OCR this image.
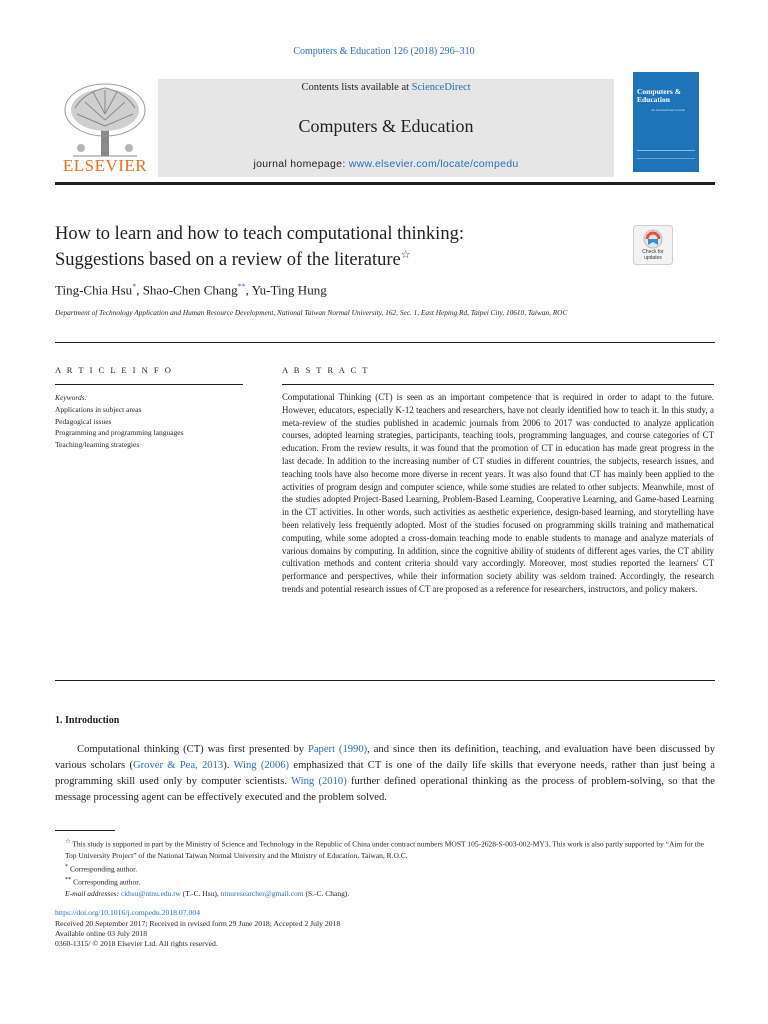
Computers & Education 126 (2018) 296–310
ELSEVIER
Contents lists available at ScienceDirect
Computers & Education
journal homepage: www.elsevier.com/locate/compedu
Computers & Education
An International Journal
How to learn and how to teach computational thinking:
Suggestions based on a review of the literature☆	Check for updates
Ting-Chia Hsu*, Shao-Chen Chang**, Yu-Ting Hung
Department of Technology Application and Human Resource Development, National Taiwan Normal University, 162, Sec. 1, East Heping Rd, Taipei City, 10610, Taiwan, ROC
A R T I C L E I N F O	A B S T R A C T
Keywords:
Applications in subject areas
Pedagogical issues
Programming and programming languages
Teaching/learning strategies
Computational Thinking (CT) is seen as an important competence that is required in order to adapt to the future. However, educators, especially K-12 teachers and researchers, have not clearly identified how to teach it. In this study, a meta-review of the studies published in academic journals from 2006 to 2017 was conducted to analyze application courses, adopted learning strategies, participants, teaching tools, programming languages, and course categories of CT education. From the review results, it was found that the promotion of CT in education has made great progress in the last decade. In addition to the increasing number of CT studies in different countries, the subjects, research issues, and teaching tools have also become more diverse in recent years. It was also found that CT has mainly been applied to the activities of program design and computer science, while some studies are related to other subjects. Meanwhile, most of the studies adopted Project-Based Learning, Problem-Based Learning, Cooperative Learning, and Game-based Learning in the CT activities. In other words, such activities as aesthetic experience, design-based learning, and storytelling have been relatively less frequently adopted. Most of the studies focused on programming skills training and mathematical computing, while some adopted a cross-domain teaching mode to enable students to manage and analyze materials of various domains by computing. In addition, since the cognitive ability of students of different ages varies, the CT ability cultivation methods and content criteria should vary accordingly. Moreover, most studies reported the learners' CT performance and perspectives, while their information society ability was seldom trained. Accordingly, the research trends and potential research issues of CT are proposed as a reference for researchers, instructors, and policy makers.
1. Introduction
Computational thinking (CT) was first presented by Papert (1990), and since then its definition, teaching, and evaluation have been discussed by various scholars (Grover & Pea, 2013). Wing (2006) emphasized that CT is one of the daily life skills that everyone needs, rather than just being a programming skill used only by computer scientists. Wing (2010) further defined operational thinking as the process of problem-solving, so that the message processing agent can be effectively executed and the problem solved.
☆ This study is supported in part by the Ministry of Science and Technology in the Republic of China under contract numbers MOST 105-2628-S-003-002-MY3. This work is also partly supported by “Aim for the Top University Project” of the National Taiwan Normal University and the Ministry of Education, Taiwan, R.O.C.
* Corresponding author.
** Corresponding author.
E-mail addresses: ckhsu@ntnu.edu.tw (T.-C. Hsu), ntnuresearcher@gmail.com (S.-C. Chang).
https://doi.org/10.1016/j.compedu.2018.07.004
Received 20 September 2017; Received in revised form 29 June 2018; Accepted 2 July 2018
Available online 03 July 2018
0360-1315/ © 2018 Elsevier Ltd. All rights reserved.
